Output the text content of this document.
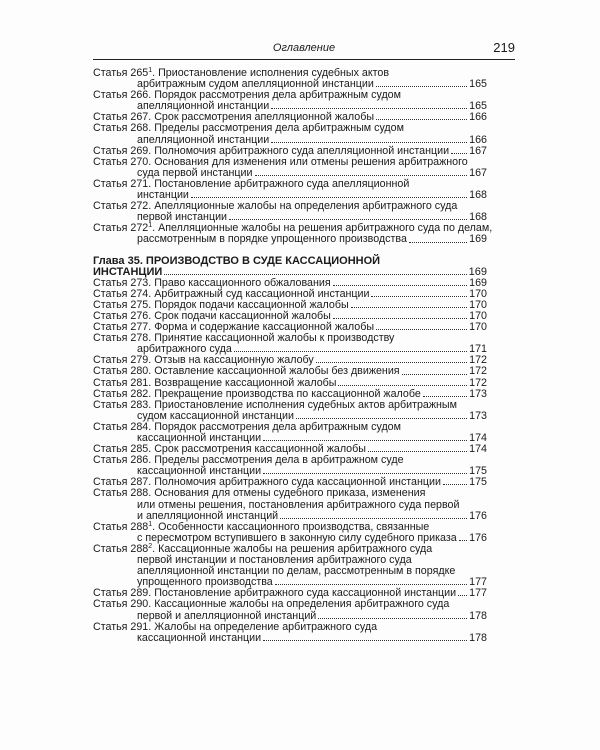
Оглавление	219
Статья $265^1$. Приостановление исполнения судебных актов
арбитражным судом апелляционной инстанции	165
Статья 266. Порядок рассмотрения дела арбитражным судом
апелляционной инстанции	165
Статья 267. Срок рассмотрения апелляционной жалобы	166
Статья 268. Пределы рассмотрения дела арбитражным судом
апелляционной инстанции	166
Статья 269. Полномочия арбитражного суда апелляционной инстанции 167
Статья 270. Основания для изменения или отмены решения арбитражного
суда первой инстанции	167
Статья 271. Постановление арбитражного суда апелляционной
инстанции	168
Статья 272. Апелляционные жалобы на определения арбитражного суда
первой инстанции	168
Статья $272^1$. Апелляционные жалобы на решения арбитражного суда по делам,
рассмотренным в порядке упрощенного производства	169
Глава 35. ПРОИЗВОДСТВО В СУДЕ КАССАЦИОННОЙ
ИНСТАНЦИИ	169
Статья 273. Право кассационного обжалования	169
Статья 274. Арбитражный суд кассационной инстанции	170
Статья 275. Порядок подачи кассационной жалобы	170
Статья 276. Срок подачи кассационной жалобы	170
Статья 277. Форма и содержание кассационной жалобы	170
Статья 278. Принятие кассационной жалобы к производству
арбитражного суда	171
Статья 279. Отзыв на кассационную жалобу	172
Статья 280. Оставление кассационной жалобы без движения	172
Статья 281. Возвращение кассационной жалобы	172
Статья 282. Прекращение производства по кассационной жалобе	173
Статья 283. Приостановление исполнения судебных актов арбитражным
судом кассационной инстанции	173
Статья 284. Порядок рассмотрения дела арбитражным судом
кассационной инстанции	174
Статья 285. Срок рассмотрения кассационной жалобы	174
Статья 286. Пределы рассмотрения дела в арбитражном суде
кассационной инстанции	175
Статья 287. Полномочия арбитражного суда кассационной инстанции	175
Статья 288. Основания для отмены судебного приказа, изменения
или отмены решения, постановления арбитражного суда первой
и апелляционной инстанций	176
Статья $288^1$. Особенности кассационного производства, связанные
с пересмотром вступившего в законную силу судебного приказа 176
Статья $288^2$. Кассационные жалобы на решения арбитражного суда
первой инстанции и постановления арбитражного суда
апелляционной инстанции по делам, рассмотренным в порядке
упрощенного производства	177
Статья 289. Постановление арбитражного суда кассационной инстанции 177
Статья 290. Кассационные жалобы на определения арбитражного суда
первой и апелляционной инстанций	178
Статья 291. Жалобы на определение арбитражного суда
кассационной инстанции	178
